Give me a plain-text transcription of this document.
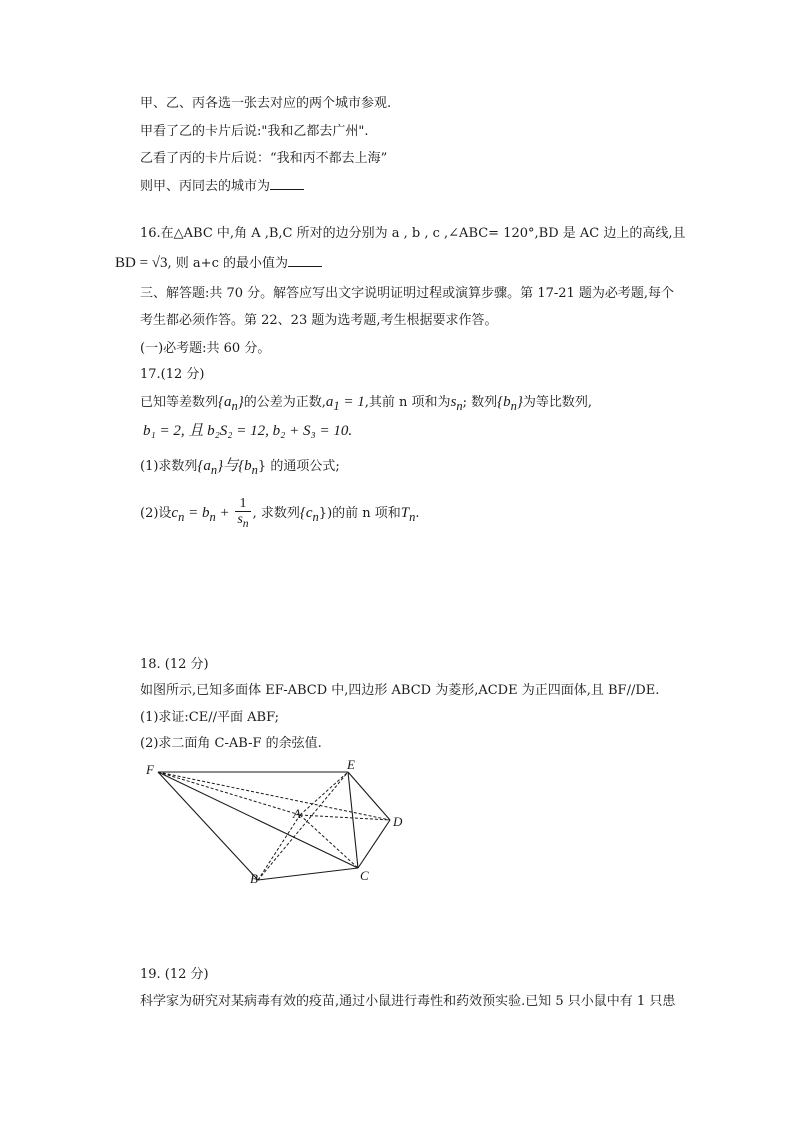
甲、乙、丙各选一张去对应的两个城市参观.
甲看了乙的卡片后说:"我和乙都去广州".
乙看了丙的卡片后说：“我和丙不都去上海”
则甲、丙同去的城市为
16.在△ABC 中,角 A ,B,C 所对的边分别为 a , b , c ,∠ABC= 120°,BD 是 AC 边上的高线,且
BD = √3, 则 a+c 的最小值为
三、解答题:共 70 分。解答应写出文字说明证明过程或演算步骤。第 17-21 题为必考题,每个
考生都必须作答。第 22、23 题为选考题,考生根据要求作答。
(一)必考题:共 60 分。
17.(12 分)
已知等差数列$\{a_n\}$的公差为正数$,a_1 = 1$,其前 n 项和为$s_n$; 数列$\{b_n\}$为等比数列,
b₁ = 2, 且 b₂S₂ = 12, b₂ + S₃ = 10.
(1)求数列$\{a_n\}$与$\{b_n\}$ 的通项公式;
(2)设$c_n = b_n + \frac{1}{s_n}$ , 求数列$\{c_n\}$)的前 n 项和$T_n$.
18. (12 分)
如图所示,已知多面体 EF-ABCD 中,四边形 ABCD 为菱形,ACDE 为正四面体,且 BF//DE.
(1)求证:CE//平面 ABF;
(2)求二面角 C-AB-F 的余弦值.
F	E
A
D
B	C
19. (12 分)
科学家为研究对某病毒有效的疫苗,通过小鼠进行毒性和药效预实验.已知 5 只小鼠中有 1 只患
